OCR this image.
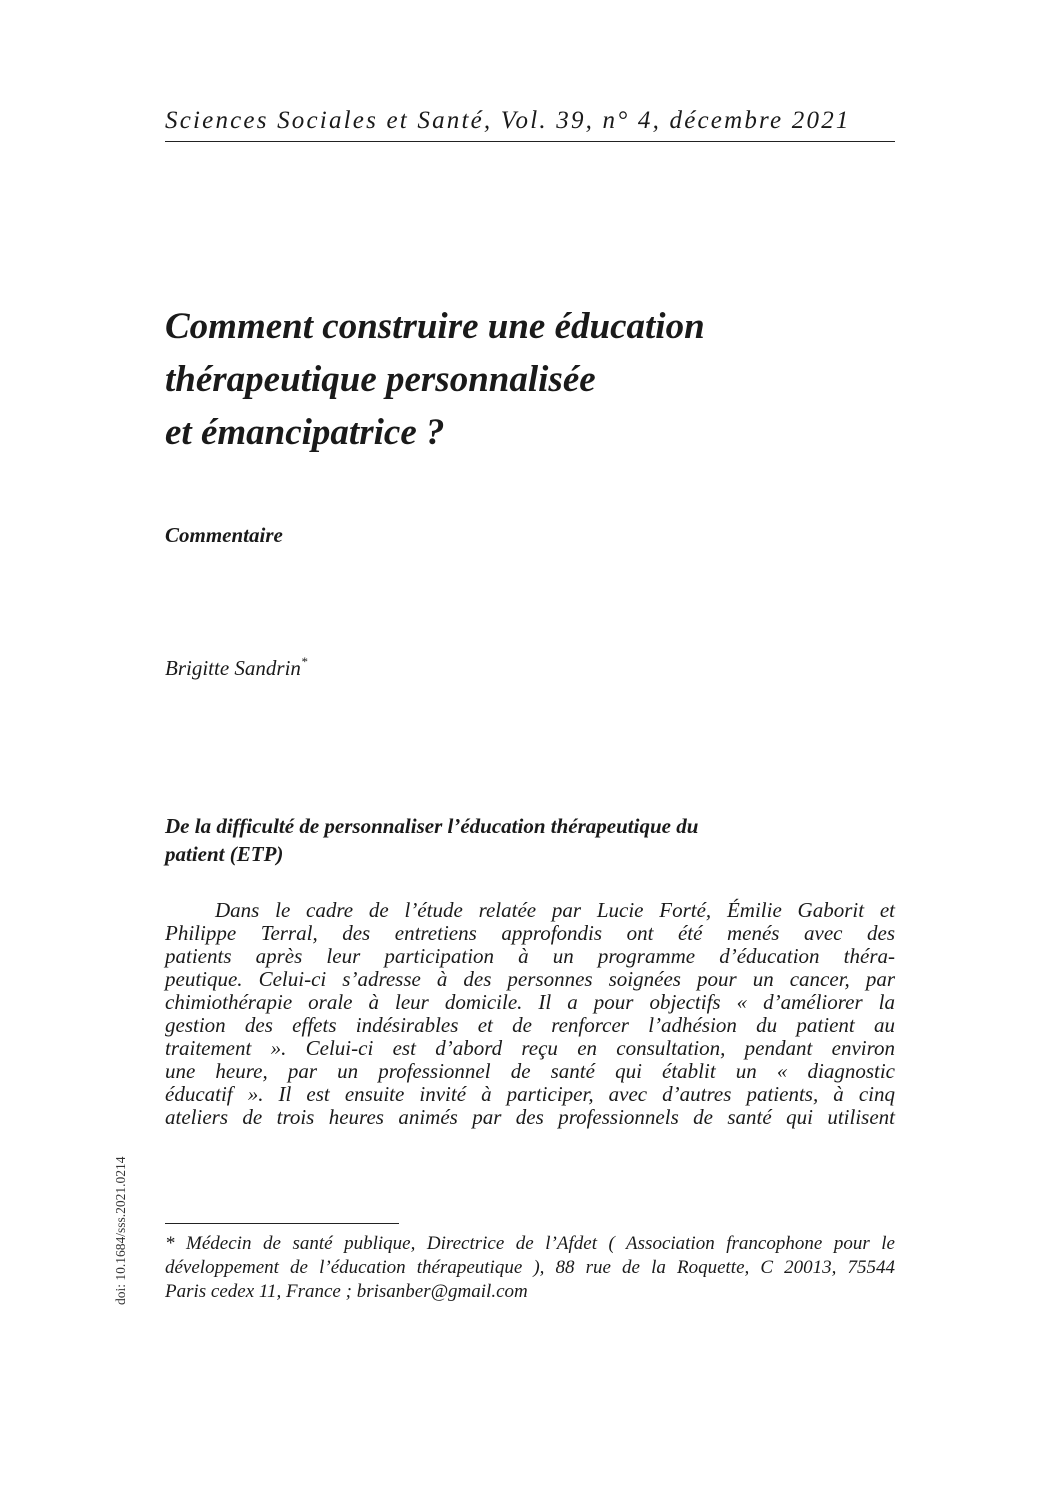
Sciences Sociales et Santé, Vol. 39, n° 4, décembre 2021
Comment construire une éducation
thérapeutique personnalisée
et émancipatrice ?
Commentaire
Brigitte Sandrin*
De la difficulté de personnaliser l’éducation thérapeutique du
patient (ETP)
Dans le cadre de l’étude relatée par Lucie Forté, Émilie Gaborit et
Philippe Terral, des entretiens approfondis ont été menés avec des
patients après leur participation à un programme d’éducation théra-
peutique. Celui-ci s’adresse à des personnes soignées pour un cancer, par
chimiothérapie orale à leur domicile. Il a pour objectifs « d’améliorer la
gestion des effets indésirables et de renforcer l’adhésion du patient au
traitement ». Celui-ci est d’abord reçu en consultation, pendant environ
une heure, par un professionnel de santé qui établit un « diagnostic
éducatif ». Il est ensuite invité à participer, avec d’autres patients, à cinq
ateliers de trois heures animés par des professionnels de santé qui utilisent
* Médecin de santé publique, Directrice de l’Afdet ( Association francophone pour le
développement de l’éducation thérapeutique ), 88 rue de la Roquette, C 20013, 75544
Paris cedex 11, France ; brisanber@gmail.com
doi: 10.1684/sss.2021.0214
